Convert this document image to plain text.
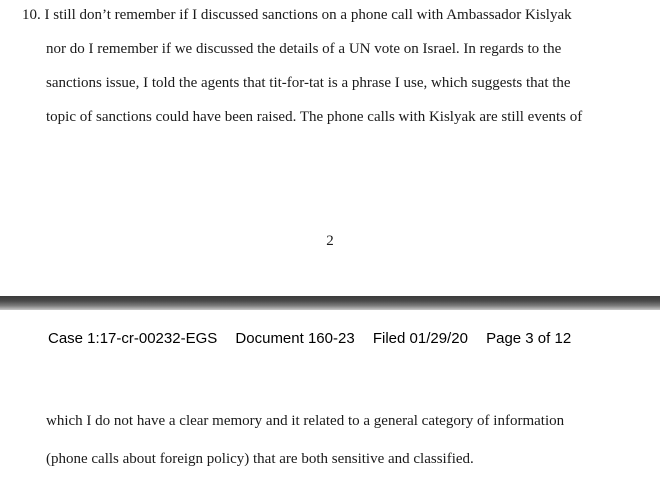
10. I still don’t remember if I discussed sanctions on a phone call with Ambassador Kislyak
nor do I remember if we discussed the details of a UN vote on Israel. In regards to the
sanctions issue, I told the agents that tit-for-tat is a phrase I use, which suggests that the
topic of sanctions could have been raised. The phone calls with Kislyak are still events of
2
Case 1:17-cr-00232-EGS Document 160-23 Filed 01/29/20 Page 3 of 12
which I do not have a clear memory and it related to a general category of information
(phone calls about foreign policy) that are both sensitive and classified.
